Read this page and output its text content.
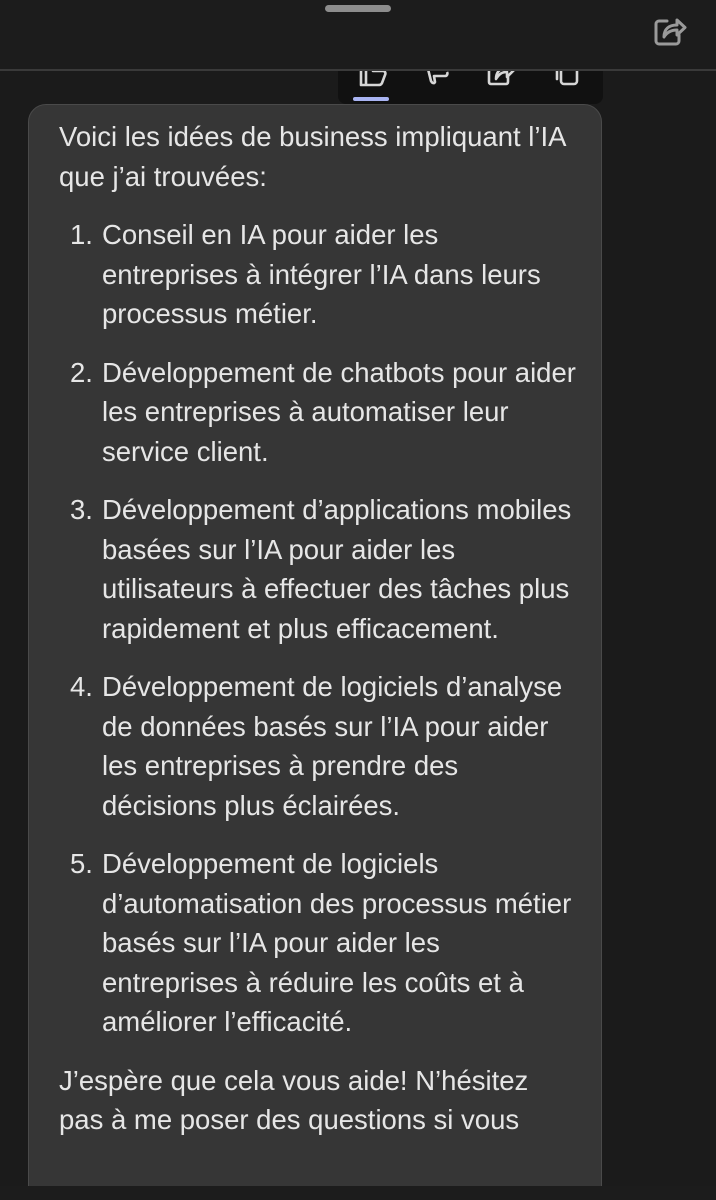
Voici les idées de business impliquant l’IA que j’ai trouvées:

1. Conseil en IA pour aider les entreprises à intégrer l’IA dans leurs processus métier.
2. Développement de chatbots pour aider les entreprises à automatiser leur service client.
3. Développement d’applications mobiles basées sur l’IA pour aider les utilisateurs à effectuer des tâches plus rapidement et plus efficacement.
4. Développement de logiciels d’analyse de données basés sur l’IA pour aider les entreprises à prendre des décisions plus éclairées.
5. Développement de logiciels d’automatisation des processus métier basés sur l’IA pour aider les entreprises à réduire les coûts et à améliorer l’efficacité.

J’espère que cela vous aide! N’hésitez pas à me poser des questions si vous
